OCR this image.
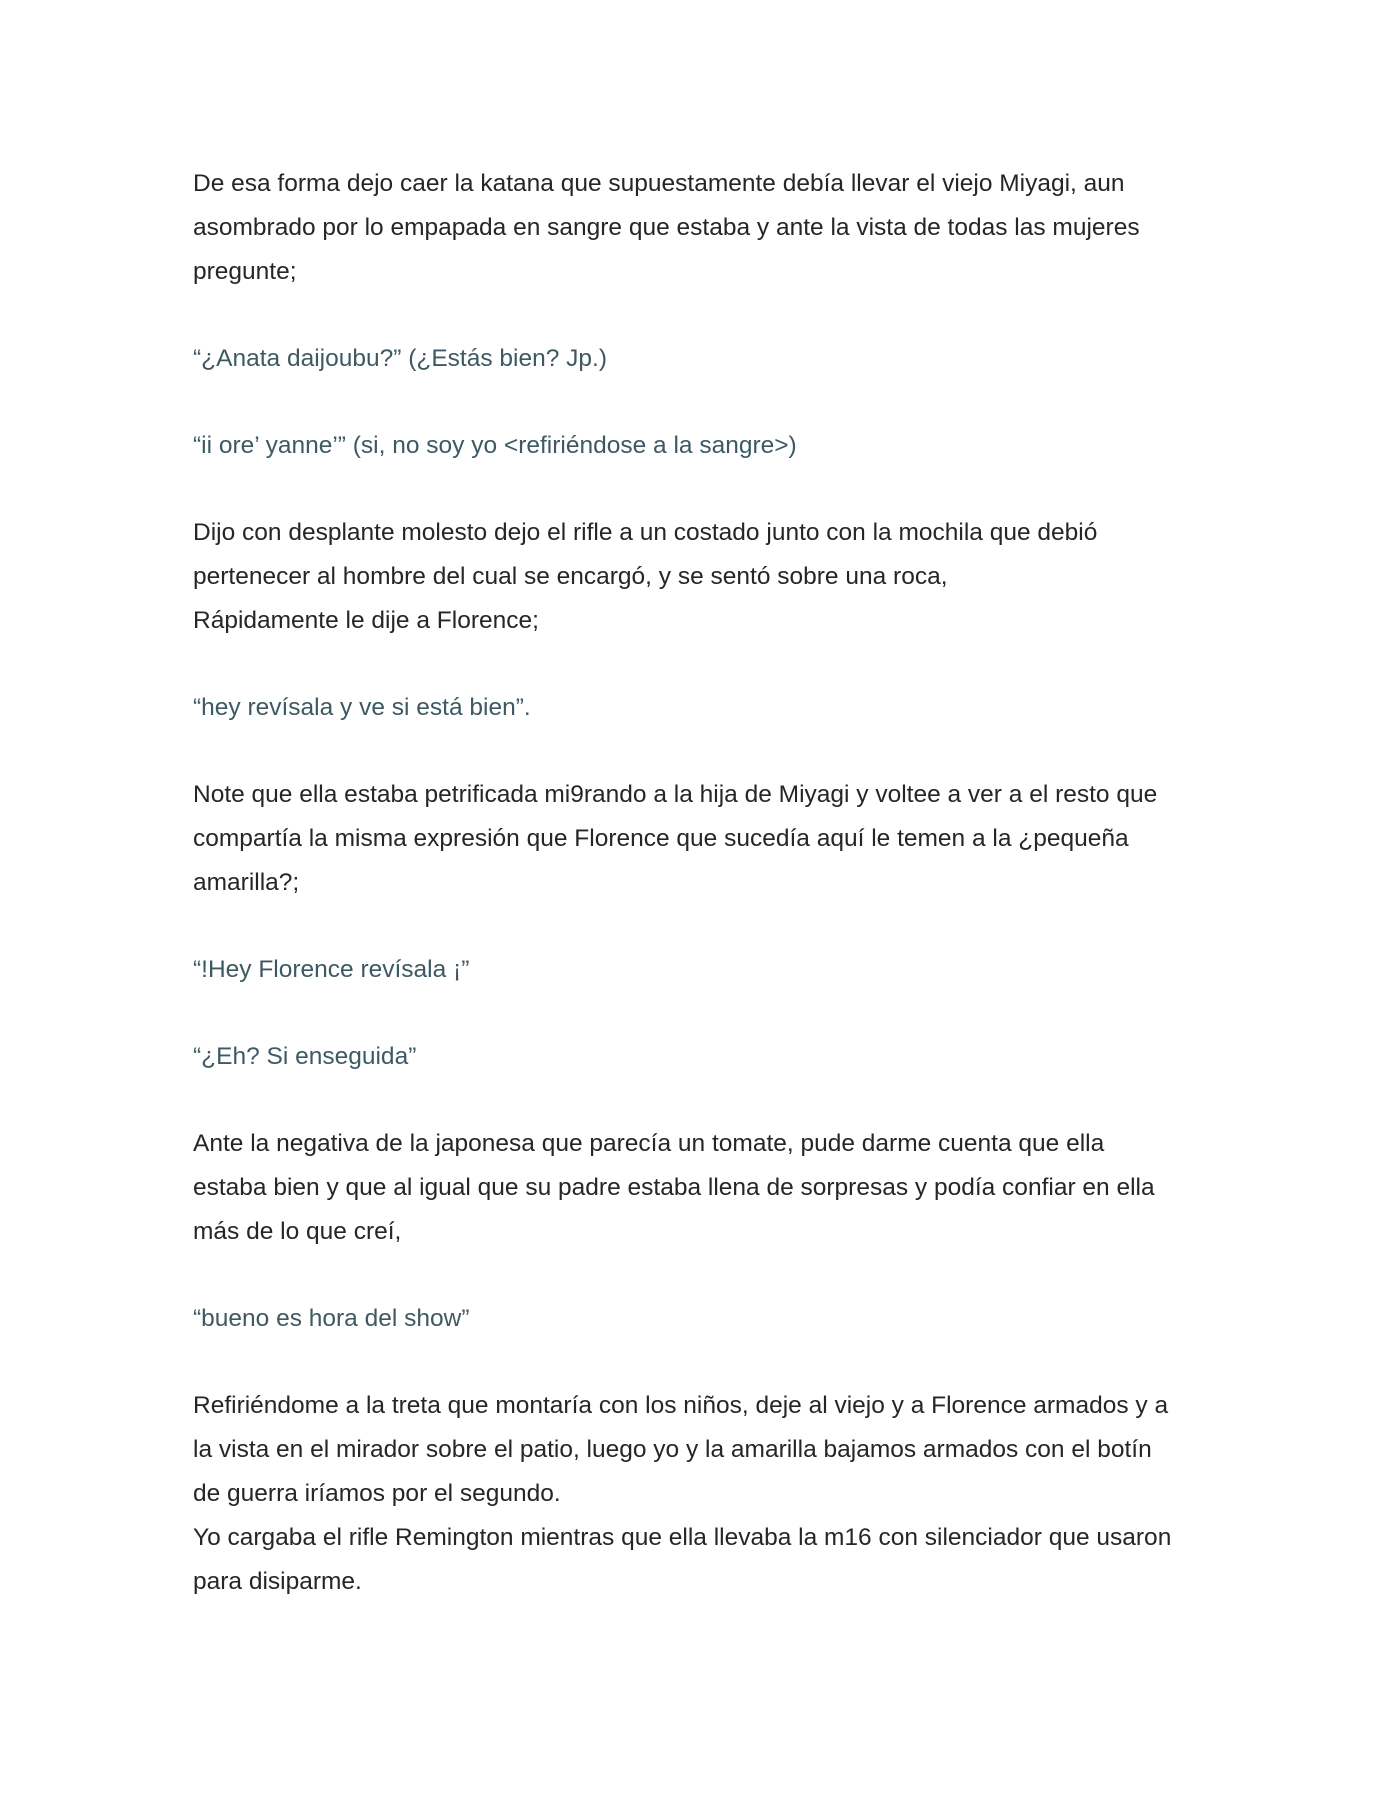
De esa forma dejo caer la katana que supuestamente debía llevar el viejo Miyagi, aun
asombrado por lo empapada en sangre que estaba y ante la vista de todas las mujeres
pregunte;

“¿Anata daijoubu?” (¿Estás bien? Jp.)

“ii ore’ yanne’” (si, no soy yo <refiriéndose a la sangre>)

Dijo con desplante molesto dejo el rifle a un costado junto con la mochila que debió
pertenecer al hombre del cual se encargó, y se sentó sobre una roca,
Rápidamente le dije a Florence;

“hey revísala y ve si está bien”.

Note que ella estaba petrificada mi9rando a la hija de Miyagi y voltee a ver a el resto que
compartía la misma expresión que Florence que sucedía aquí le temen a la ¿pequeña
amarilla?;

“!Hey Florence revísala ¡”

“¿Eh? Si enseguida”

Ante la negativa de la japonesa que parecía un tomate, pude darme cuenta que ella
estaba bien y que al igual que su padre estaba llena de sorpresas y podía confiar en ella
más de lo que creí,

“bueno es hora del show”

Refiriéndome a la treta que montaría con los niños, deje al viejo y a Florence armados y a
la vista en el mirador sobre el patio, luego yo y la amarilla bajamos armados con el botín
de guerra iríamos por el segundo.
Yo cargaba el rifle Remington mientras que ella llevaba la m16 con silenciador que usaron
para disiparme.
